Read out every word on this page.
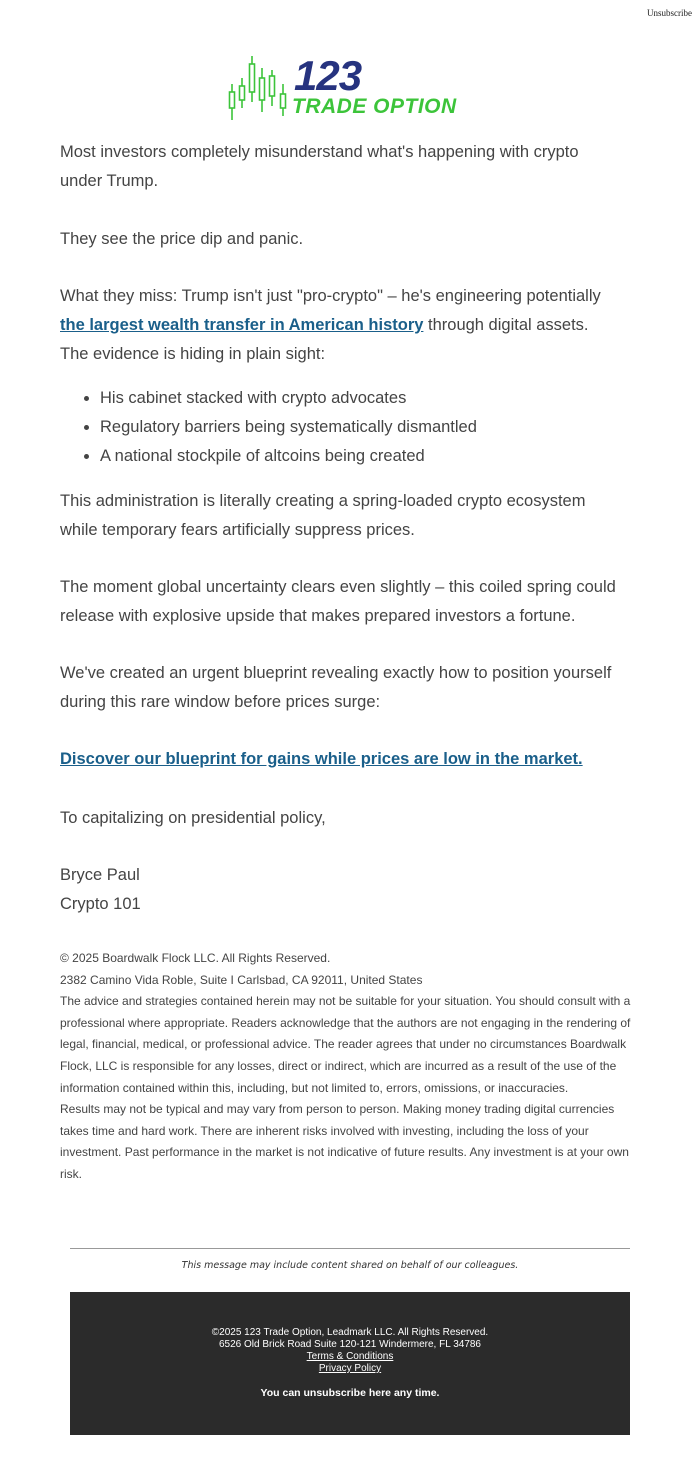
Unsubscribe
123
TRADE OPTION

Most investors completely misunderstand what's happening with crypto under Trump.

They see the price dip and panic.

What they miss: Trump isn't just "pro-crypto" – he's engineering potentially the largest wealth transfer in American history through digital assets. The evidence is hiding in plain sight:

• His cabinet stacked with crypto advocates
• Regulatory barriers being systematically dismantled
• A national stockpile of altcoins being created

This administration is literally creating a spring-loaded crypto ecosystem while temporary fears artificially suppress prices.

The moment global uncertainty clears even slightly – this coiled spring could release with explosive upside that makes prepared investors a fortune.

We've created an urgent blueprint revealing exactly how to position yourself during this rare window before prices surge:

Discover our blueprint for gains while prices are low in the market.

To capitalizing on presidential policy,

Bryce Paul

Crypto 101

© 2025 Boardwalk Flock LLC. All Rights Reserved.

2382 Camino Vida Roble, Suite I Carlsbad, CA 92011, United States

The advice and strategies contained herein may not be suitable for your situation. You should consult with a professional where appropriate. Readers acknowledge that the authors are not engaging in the rendering of legal, financial, medical, or professional advice. The reader agrees that under no circumstances Boardwalk Flock, LLC is responsible for any losses, direct or indirect, which are incurred as a result of the use of the information contained within this, including, but not limited to, errors, omissions, or inaccuracies.

Results may not be typical and may vary from person to person. Making money trading digital currencies takes time and hard work. There are inherent risks involved with investing, including the loss of your investment. Past performance in the market is not indicative of future results. Any investment is at your own risk.

This message may include content shared on behalf of our colleagues.
©2025 123 Trade Option, Leadmark LLC. All Rights Reserved.
6526 Old Brick Road Suite 120-121 Windermere, FL 34786
Terms & Conditions
Privacy Policy
You can unsubscribe here any time.
